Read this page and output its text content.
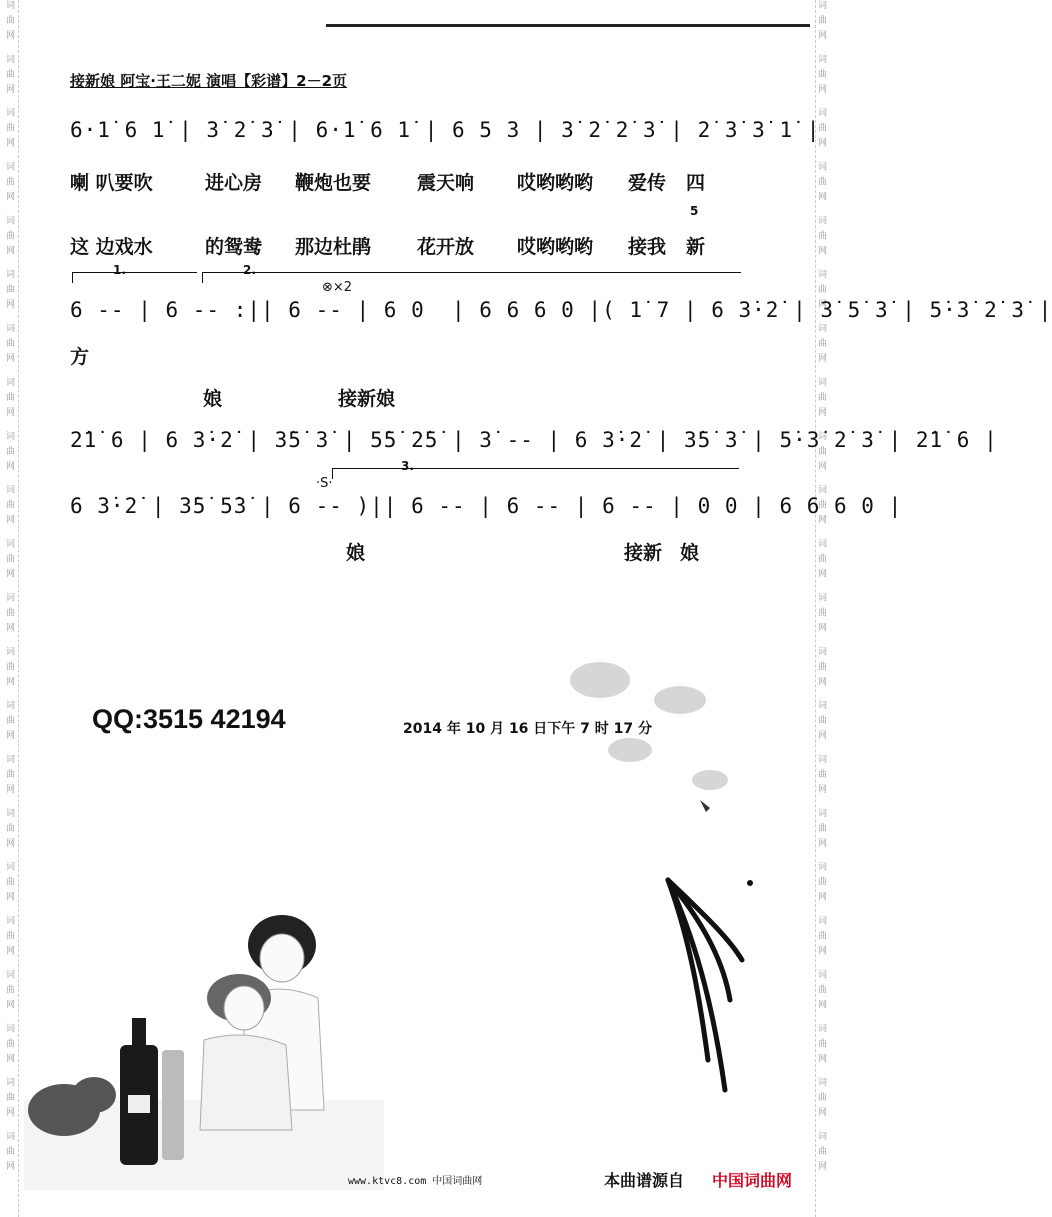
词曲网 词曲网 词曲网 词曲网 词曲网 词曲网 词曲网 词曲网 词曲网 词曲网 词曲网 词曲网 词曲网 词曲网 词曲网 词曲网 词曲网 词曲网 词曲网 词曲网 词曲网 词曲网	词曲网 词曲网 词曲网 词曲网 词曲网 词曲网 词曲网 词曲网 词曲网 词曲网 词曲网 词曲网 词曲网 词曲网 词曲网 词曲网 词曲网 词曲网 词曲网 词曲网 词曲网 词曲网
接新娘 阿宝·王二妮 演唱【彩谱】2－2页
6·1̇ 6 1̇ | 3̇ 2̇ 3̇ | 6·1̇ 6 1̇ | 6 5 3 | 3̇ 2̇ 2̇ 3̇ | 2̇ 3̇ 3̇ 1̇ |
喇 叭要吹	进心房 鞭炮也要 震天响 哎哟哟哟 爱传 四
5
这 边戏水	的鸳鸯 那边杜鹃 花开放 哎哟哟哟 接我 新
1.	2.
⊗×2
6 -- | 6 -- :|| 6 -- | 6 0  | 6 6 6 0 |( 1̇ 7 | 6 3̇·2̇ | 3̇ 5̇ 3̇ | 5̇·3̇ 2̇ 3̇ |
方
娘	接新娘
2̇1̇ 6 | 6 3̇·2̇ | 3̇5̇ 3̇ | 5̇5̇ 2̇5̇ | 3̇ -- | 6 3̇·2̇ | 3̇5̇ 3̇ | 5̇·3̇ 2̇ 3̇ | 2̇1̇ 6 |
·S·
3.
6 3̇·2̇ | 3̇5̇ 5̇3̇ | 6 -- )|| 6 -- | 6 -- | 6 -- | 0 0 | 6 6 6 0 |
娘	接新 娘
QQ:3515 42194	2014 年 10 月 16 日下午 7 时 17 分
www.ktvc8.com 中国词曲网	本曲谱源自 中国词曲网
